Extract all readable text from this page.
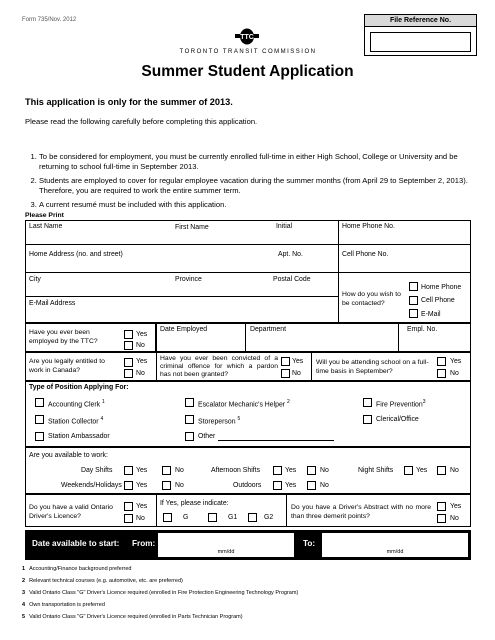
Form 735/Nov. 2012	File Reference No.
TTC
TORONTO TRANSIT COMMISSION
Summer Student Application
This application is only for the summer of 2013.
Please read the following carefully before completing this application.
1. To be considered for employment, you must be currently enrolled full-time in either High School, College or University and be returning to school full-time in September 2013.
2. Students are employed to cover for regular employee vacation during the summer months (from April 29 to September 2, 2013). Therefore, you are required to work the entire summer term.
3. A current resumé must be included with this application.
Please Print
Last Name	First Name	Initial	Home Phone No.
Home Address (no. and street)	Apt. No.	Cell Phone No.
City	Province	Postal Code
E-Mail Address
How do you wish to be contacted?
Home Phone
Cell Phone
E-Mail
Have you ever been employed by the TTC?
Yes
No
Date Employed	Department	Empl. No.
Are you legally entitled to work in Canada?
Yes
No
Have you ever been convicted of a criminal offence for which a pardon has not been granted?
Yes
No
Will you be attending school on a full-time basis in September?
Yes
No
Type of Position Applying For:
Accounting Clerk $^1$	Escalator Mechanic's Helper $^2$	Fire Prevention$^3$
Station Collector $^4$	Storeperson $^5$	Clerical/Office
Station Ambassador	Other
Are you available to work:
Day Shifts	Yes	No	Afternoon Shifts	Yes	No	Night Shifts	Yes	No
Weekends/Holidays Yes	No	Outdoors	Yes	No
Do you have a valid Ontario Driver's Licence?
Yes
No
If Yes, please indicate:
G	G1	G2
Do you have a Driver's Abstract with no more than three demerit points?
Yes
No
Date available to start: From:
mm/dd
To:
mm/dd
1 Accounting/Finance background preferred
2 Relevant technical courses (e.g. automotive, etc. are preferred)
3 Valid Ontario Class "G" Driver's Licence required (enrolled in Fire Protection Engineering Technology Program)
4 Own transportation is preferred
5 Valid Ontario Class "G" Driver's Licence required (enrolled in Parts Technician Program)
